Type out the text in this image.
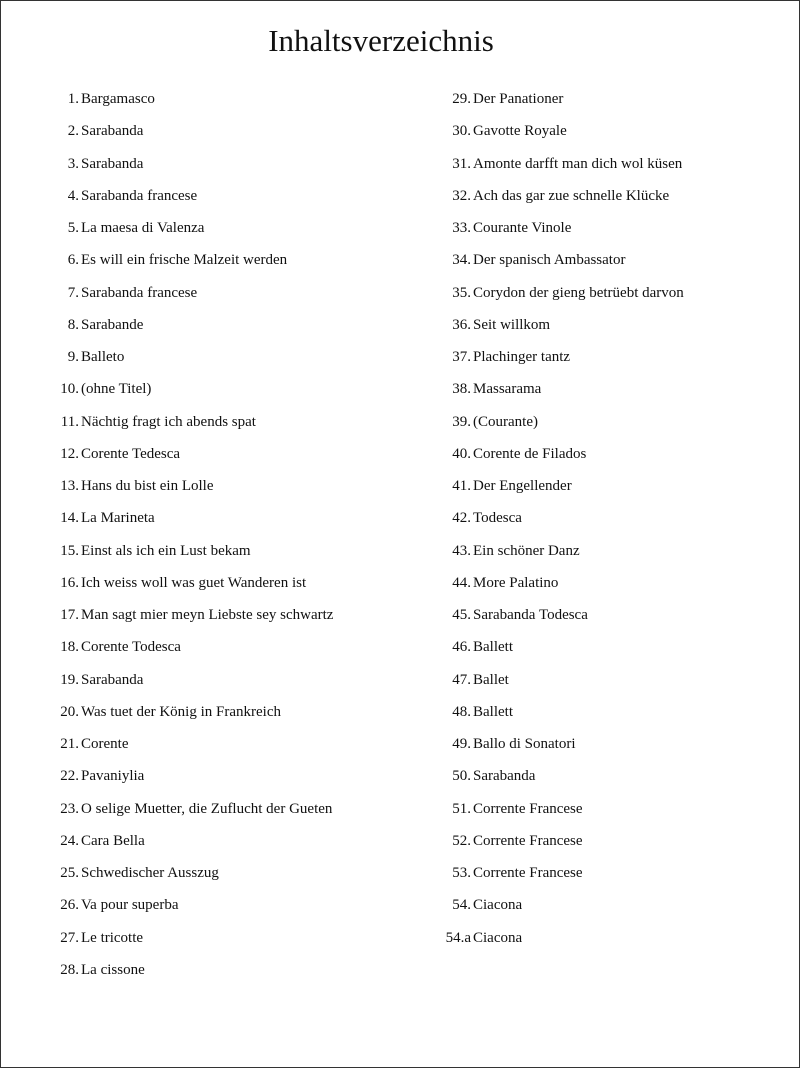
Inhaltsverzeichnis
1. Bargamasco
2. Sarabanda
3. Sarabanda
4. Sarabanda francese
5. La maesa di Valenza
6. Es will ein frische Malzeit werden
7. Sarabanda francese
8. Sarabande
9. Balleto
10. (ohne Titel)
11. Nächtig fragt ich abends spat
12. Corente Tedesca
13. Hans du bist ein Lolle
14. La Marineta
15. Einst als ich ein Lust bekam
16. Ich weiss woll was guet Wanderen ist
17. Man sagt mier meyn Liebste sey schwartz
18. Corente Todesca
19. Sarabanda
20. Was tuet der König in Frankreich
21. Corente
22. Pavaniylia
23. O selige Muetter, die Zuflucht der Gueten
24. Cara Bella
25. Schwedischer Ausszug
26. Va pour superba
27. Le tricotte
28. La cissone
29. Der Panationer
30. Gavotte Royale
31. Amonte darfft man dich wol küsen
32. Ach das gar zue schnelle Klücke
33. Courante Vinole
34. Der spanisch Ambassator
35. Corydon der gieng betrüebt darvon
36. Seit willkom
37. Plachinger tantz
38. Massarama
39. (Courante)
40. Corente de Filados
41. Der Engellender
42. Todesca
43. Ein schöner Danz
44. More Palatino
45. Sarabanda Todesca
46. Ballett
47. Ballet
48. Ballett
49. Ballo di Sonatori
50. Sarabanda
51. Corrente Francese
52. Corrente Francese
53. Corrente Francese
54. Ciacona
54.a Ciacona
